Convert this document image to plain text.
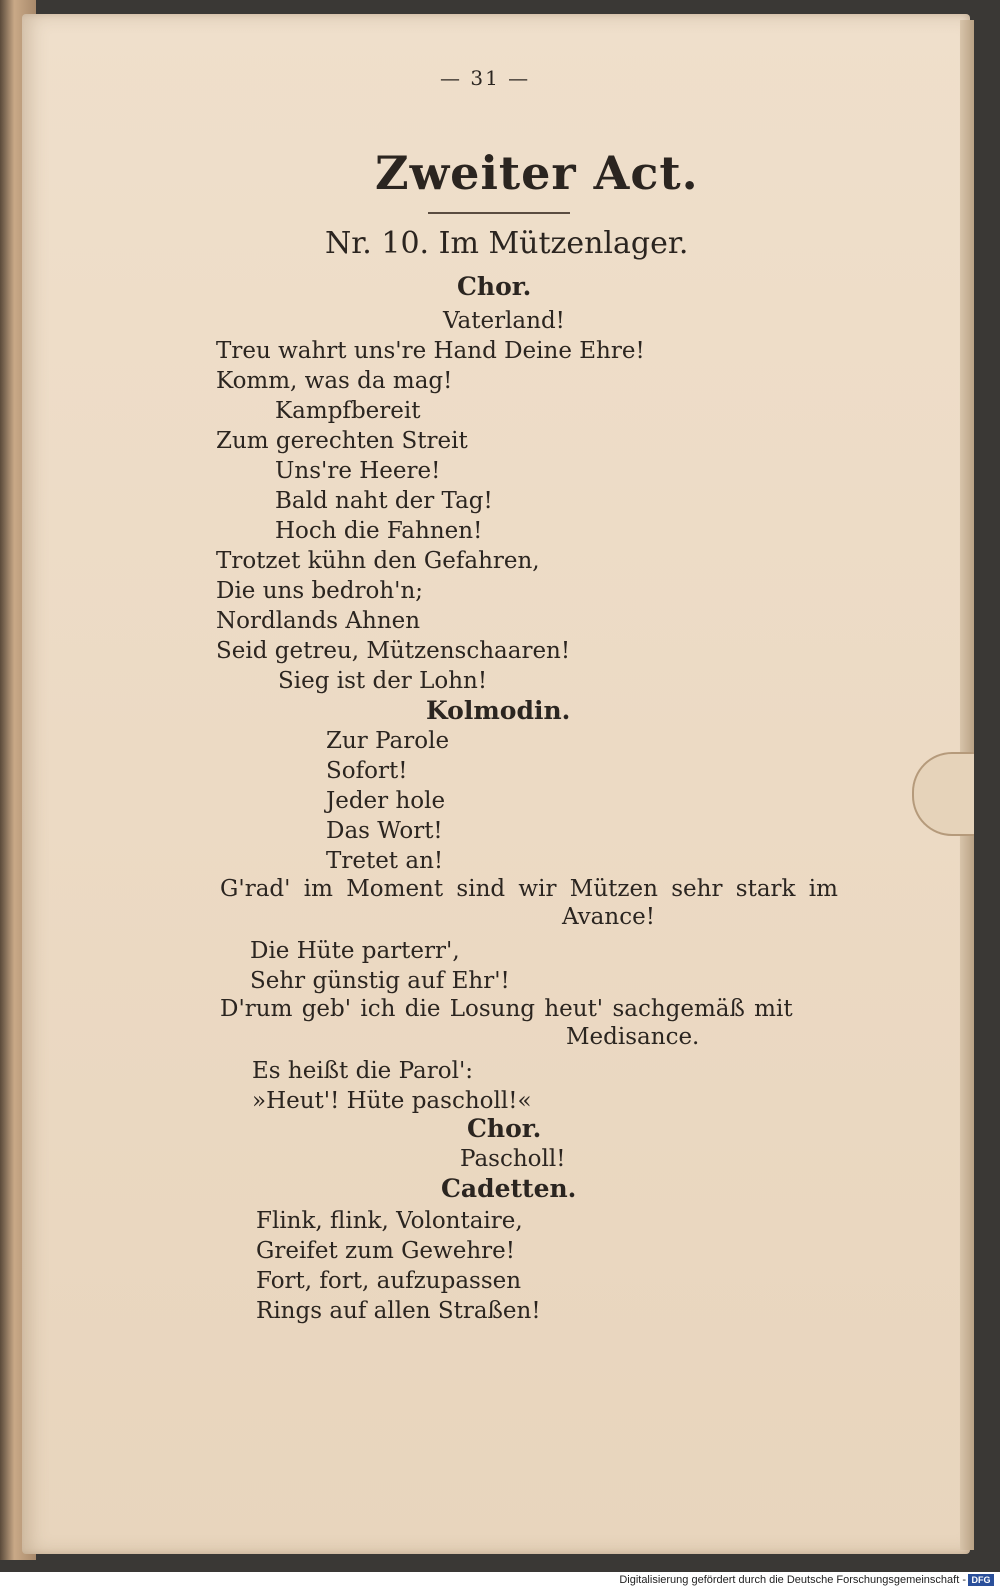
— 31 —
Zweiter Act.
Nr. 10. Im Mützenlager.
Chor.
Vaterland!
Treu wahrt uns're Hand Deine Ehre!
Komm, was da mag!
Kampfbereit
Zum gerechten Streit
Uns're Heere!
Bald naht der Tag!
Hoch die Fahnen!
Trotzet kühn den Gefahren,
Die uns bedroh'n;
Nordlands Ahnen
Seid getreu, Mützenschaaren!
Sieg ist der Lohn!
Kolmodin.
Zur Parole
Sofort!
Jeder hole
Das Wort!
Tretet an!
G'rad' im Moment sind wir Mützen sehr stark im
Avance!
Die Hüte parterr',
Sehr günstig auf Ehr'!
D'rum geb' ich die Losung heut' sachgemäß mit
Medisance.
Es heißt die Parol':
»Heut'! Hüte pascholl!«
Chor.
Pascholl!
Cadetten.
Flink, flink, Volontaire,
Greifet zum Gewehre!
Fort, fort, aufzupassen
Rings auf allen Straßen!
Digitalisierung gefördert durch die Deutsche Forschungsgemeinschaft - DFG
